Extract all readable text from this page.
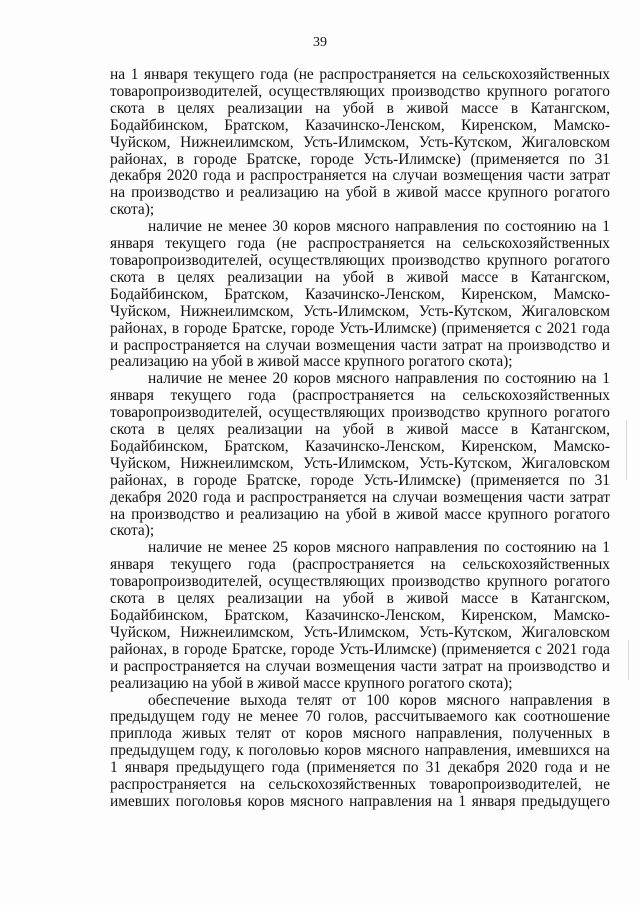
39

на 1 января текущего года (не распространяется на сельскохозяйственных товаропроизводителей, осуществляющих производство крупного рогатого скота в целях реализации на убой в живой массе в Катангском, Бодайбинском, Братском, Казачинско-Ленском, Киренском, Мамско-Чуйском, Нижнеилимском, Усть-Илимском, Усть-Кутском, Жигаловском районах, в городе Братске, городе Усть-Илимске) (применяется по 31 декабря 2020 года и распространяется на случаи возмещения части затрат на производство и реализацию на убой в живой массе крупного рогатого скота);

наличие не менее 30 коров мясного направления по состоянию на 1 января текущего года (не распространяется на сельскохозяйственных товаропроизводителей, осуществляющих производство крупного рогатого скота в целях реализации на убой в живой массе в Катангском, Бодайбинском, Братском, Казачинско-Ленском, Киренском, Мамско-Чуйском, Нижнеилимском, Усть-Илимском, Усть-Кутском, Жигаловском районах, в городе Братске, городе Усть-Илимске) (применяется с 2021 года и распространяется на случаи возмещения части затрат на производство и реализацию на убой в живой массе крупного рогатого скота);

наличие не менее 20 коров мясного направления по состоянию на 1 января текущего года (распространяется на сельскохозяйственных товаропроизводителей, осуществляющих производство крупного рогатого скота в целях реализации на убой в живой массе в Катангском, Бодайбинском, Братском, Казачинско-Ленском, Киренском, Мамско-Чуйском, Нижнеилимском, Усть-Илимском, Усть-Кутском, Жигаловском районах, в городе Братске, городе Усть-Илимске) (применяется по 31 декабря 2020 года и распространяется на случаи возмещения части затрат на производство и реализацию на убой в живой массе крупного рогатого скота);

наличие не менее 25 коров мясного направления по состоянию на 1 января текущего года (распространяется на сельскохозяйственных товаропроизводителей, осуществляющих производство крупного рогатого скота в целях реализации на убой в живой массе в Катангском, Бодайбинском, Братском, Казачинско-Ленском, Киренском, Мамско-Чуйском, Нижнеилимском, Усть-Илимском, Усть-Кутском, Жигаловском районах, в городе Братске, городе Усть-Илимске) (применяется с 2021 года и распространяется на случаи возмещения части затрат на производство и реализацию на убой в живой массе крупного рогатого скота);

обеспечение выхода телят от 100 коров мясного направления в предыдущем году не менее 70 голов, рассчитываемого как соотношение приплода живых телят от коров мясного направления, полученных в предыдущем году, к поголовью коров мясного направления, имевшихся на 1 января предыдущего года (применяется по 31 декабря 2020 года и не распространяется на сельскохозяйственных товаропроизводителей, не имевших поголовья коров мясного направления на 1 января предыдущего
